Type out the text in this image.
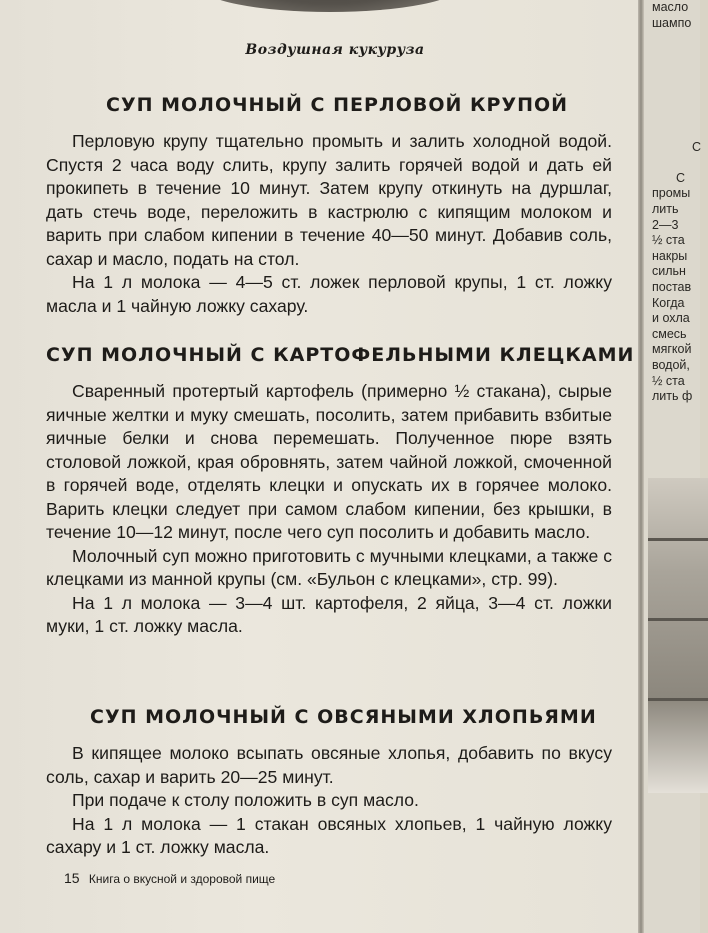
Воздушная кукуруза
СУП МОЛОЧНЫЙ С ПЕРЛОВОЙ КРУПОЙ

Перловую крупу тщательно промыть и залить холодной водой. Спустя 2 часа воду слить, крупу залить горячей водой и дать ей прокипеть в течение 10 минут. Затем крупу откинуть на дуршлаг, дать стечь воде, переложить в кастрюлю с кипящим молоком и варить при слабом кипении в течение 40—50 минут. Добавив соль, сахар и масло, подать на стол.

На 1 л молока — 4—5 ст. ложек перловой крупы, 1 ст. ложку масла и 1 чайную ложку сахару.

СУП МОЛОЧНЫЙ С КАРТОФЕЛЬНЫМИ КЛЕЦКАМИ

Сваренный протертый картофель (примерно ½ стакана), сырые яичные желтки и муку смешать, посолить, затем прибавить взбитые яичные белки и снова перемешать. Полученное пюре взять столовой ложкой, края обровнять, затем чайной ложкой, смоченной в горячей воде, отделять клецки и опускать их в горячее молоко. Варить клецки следует при самом слабом кипении, без крышки, в течение 10—12 минут, после чего суп посолить и добавить масло.

Молочный суп можно приготовить с мучными клецками, а также с клецками из манной крупы (см. «Бульон с клецками», стр. 99).

На 1 л молока — 3—4 шт. картофеля, 2 яйца, 3—4 ст. ложки муки, 1 ст. ложку масла.

СУП МОЛОЧНЫЙ С ОВСЯНЫМИ ХЛОПЬЯМИ

В кипящее молоко всыпать овсяные хлопья, добавить по вкусу соль, сахар и варить 20—25 минут.

При подаче к столу положить в суп масло.

На 1 л молока — 1 стакан овсяных хлопьев, 1 чайную ложку сахару и 1 ст. ложку масла.

15 Книга о вкусной и здоровой пище
масло
шампо
С
С
промы
лить
2—3
½ ста
накры
сильн
постав
Когда
и охла
смесь
мягкой
водой,
½ ста
лить ф
